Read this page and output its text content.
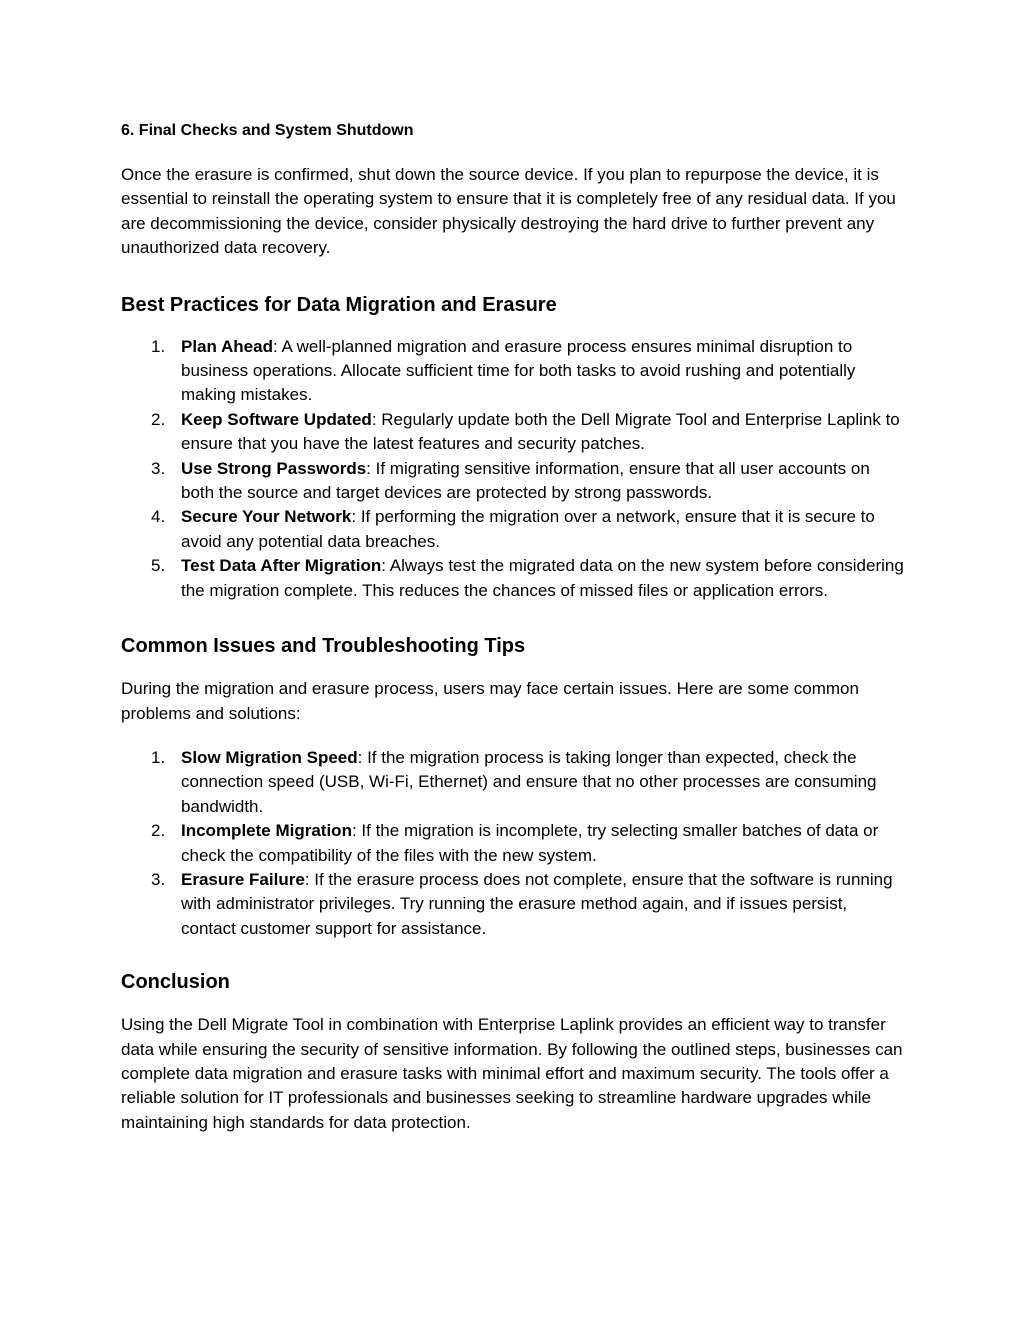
6. Final Checks and System Shutdown

Once the erasure is confirmed, shut down the source device. If you plan to repurpose the device, it is essential to reinstall the operating system to ensure that it is completely free of any residual data. If you are decommissioning the device, consider physically destroying the hard drive to further prevent any unauthorized data recovery.

Best Practices for Data Migration and Erasure
1. Plan Ahead: A well-planned migration and erasure process ensures minimal disruption to business operations. Allocate sufficient time for both tasks to avoid rushing and potentially making mistakes.
2. Keep Software Updated: Regularly update both the Dell Migrate Tool and Enterprise Laplink to ensure that you have the latest features and security patches.
3. Use Strong Passwords: If migrating sensitive information, ensure that all user accounts on both the source and target devices are protected by strong passwords.
4. Secure Your Network: If performing the migration over a network, ensure that it is secure to avoid any potential data breaches.
5. Test Data After Migration: Always test the migrated data on the new system before considering the migration complete. This reduces the chances of missed files or application errors.
Common Issues and Troubleshooting Tips

During the migration and erasure process, users may face certain issues. Here are some common problems and solutions:

1. Slow Migration Speed: If the migration process is taking longer than expected, check the connection speed (USB, Wi-Fi, Ethernet) and ensure that no other processes are consuming bandwidth.
2. Incomplete Migration: If the migration is incomplete, try selecting smaller batches of data or check the compatibility of the files with the new system.
3. Erasure Failure: If the erasure process does not complete, ensure that the software is running with administrator privileges. Try running the erasure method again, and if issues persist, contact customer support for assistance.
Conclusion

Using the Dell Migrate Tool in combination with Enterprise Laplink provides an efficient way to transfer data while ensuring the security of sensitive information. By following the outlined steps, businesses can complete data migration and erasure tasks with minimal effort and maximum security. The tools offer a reliable solution for IT professionals and businesses seeking to streamline hardware upgrades while maintaining high standards for data protection.
